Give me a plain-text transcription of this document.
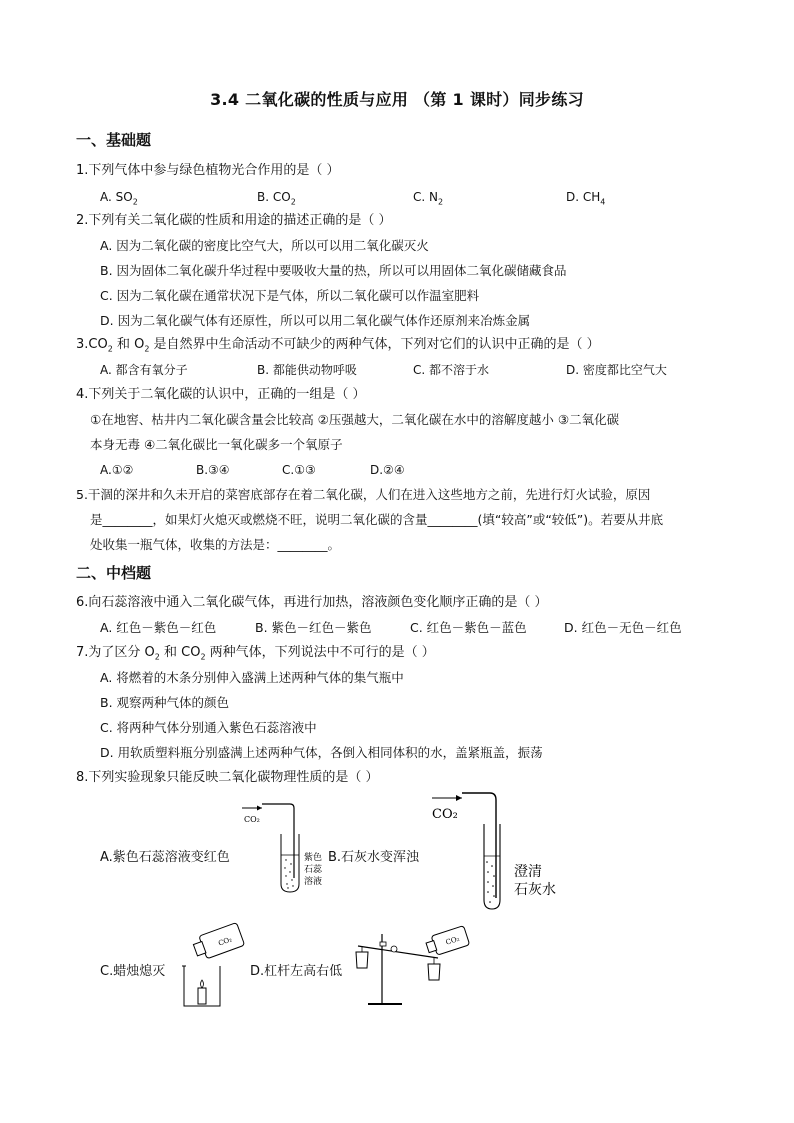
3.4 二氧化碳的性质与应用 （第 1 课时）同步练习
一、基础题
1.下列气体中参与绿色植物光合作用的是（ ）
A. $SO_2$	B. $CO_2$	C. $N_2$	D. $CH_4$
2.下列有关二氧化碳的性质和用途的描述正确的是（ ）
A. 因为二氧化碳的密度比空气大，所以可以用二氧化碳灭火
B. 因为固体二氧化碳升华过程中要吸收大量的热，所以可以用固体二氧化碳储藏食品
C. 因为二氧化碳在通常状况下是气体，所以二氧化碳可以作温室肥料
D. 因为二氧化碳气体有还原性，所以可以用二氧化碳气体作还原剂来冶炼金属
$3.CO_2$ 和 $O_2$ 是自然界中生命活动不可缺少的两种气体，下列对它们的认识中正确的是（ ）
A. 都含有氧分子	B. 都能供动物呼吸	C. 都不溶于水	D. 密度都比空气大
4.下列关于二氧化碳的认识中，正确的一组是（ ）
①在地窖、枯井内二氧化碳含量会比较高 ②压强越大，二氧化碳在水中的溶解度越小 ③二氧化碳
本身无毒 ④二氧化碳比一氧化碳多一个氧原子
A.①②	B.③④	C.①③	D.②④
5.干涸的深井和久未开启的菜窖底部存在着二氧化碳，人们在进入这些地方之前，先进行灯火试验，原因
是________，如果灯火熄灭或燃烧不旺，说明二氧化碳的含量________(填“较高”或“较低”)。若要从井底
处收集一瓶气体，收集的方法是：________。
二、中档题
6.向石蕊溶液中通入二氧化碳气体，再进行加热，溶液颜色变化顺序正确的是（ ）
A. 红色－紫色－红色	B. 紫色－红色－紫色	C. 红色－紫色－蓝色	D. 红色－无色－红色
7.为了区分 $O_2$ 和 $CO_2$ 两种气体，下列说法中不可行的是（ ）
A. 将燃着的木条分别伸入盛满上述两种气体的集气瓶中
B. 观察两种气体的颜色
C. 将两种气体分别通入紫色石蕊溶液中
D. 用软质塑料瓶分别盛满上述两种气体，各倒入相同体积的水，盖紧瓶盖，振荡
8.下列实验现象只能反映二氧化碳物理性质的是（ ）
A.紫色石蕊溶液变红色	B.石灰水变浑浊
C.蜡烛熄灭	D.杠杆左高右低
CO₂
紫色
石蕊
溶液
CO₂
澄清
石灰水
CO₂	CO₂
